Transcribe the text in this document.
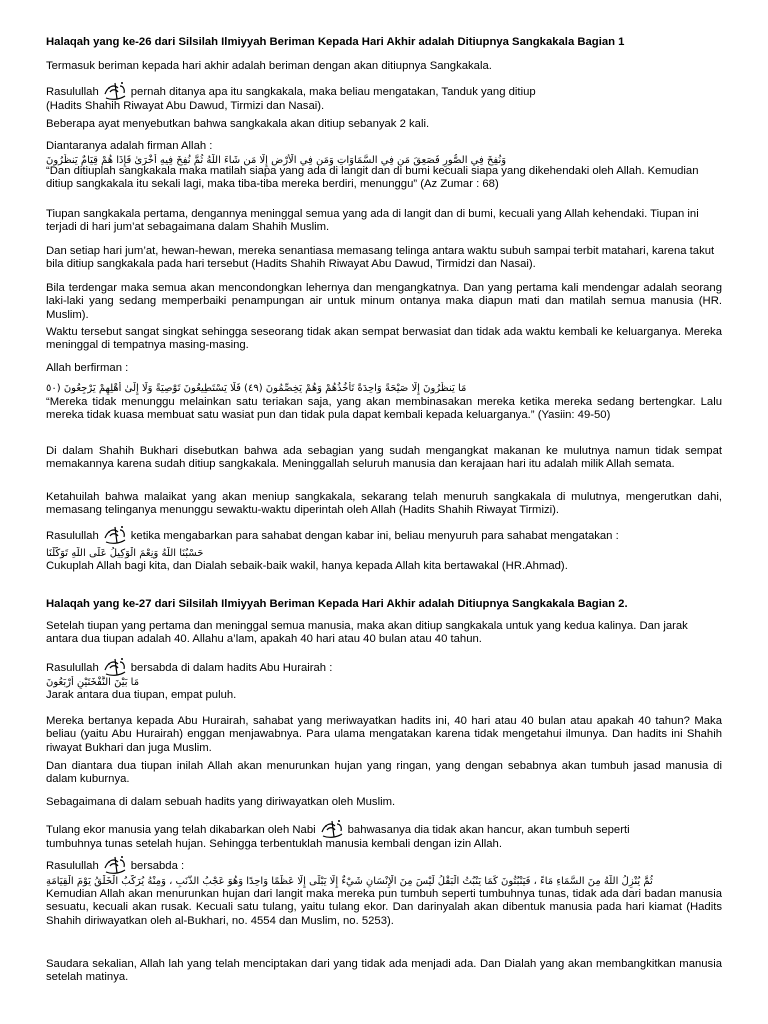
Halaqah yang ke-26 dari Silsilah Ilmiyyah Beriman Kepada Hari Akhir adalah Ditiupnya Sangkakala Bagian 1

Termasuk beriman kepada hari akhir adalah beriman dengan akan ditiupnya Sangkakala.

Rasulullah	pernah ditanya apa itu sangkakala, maka beliau mengatakan, Tanduk yang ditiup
(Hadits Shahih Riwayat Abu Dawud, Tirmizi dan Nasai).

Beberapa ayat menyebutkan bahwa sangkakala akan ditiup sebanyak 2 kali.

Diantaranya adalah firman Allah :

وَنُفِخَ فِي الصُّورِ فَصَعِقَ مَن فِي السَّمَاوَاتِ وَمَن فِي الْأَرْضِ إِلَّا مَن شَاءَ اللَّهُ ثُمَّ نُفِخَ فِيهِ أُخْرَىٰ فَإِذَا هُمْ قِيَامٌ يَنظُرُونَ

“Dan ditiuplah sangkakala maka matilah siapa yang ada di langit dan di bumi kecuali siapa yang dikehendaki oleh Allah. Kemudian ditiup sangkakala itu sekali lagi, maka tiba-tiba mereka berdiri, menunggu” (Az Zumar : 68)

Tiupan sangkakala pertama, dengannya meninggal semua yang ada di langit dan di bumi, kecuali yang Allah kehendaki. Tiupan ini terjadi di hari jum’at sebagaimana dalam Shahih Muslim.

Dan setiap hari jum’at, hewan-hewan, mereka senantiasa memasang telinga antara waktu subuh sampai terbit matahari, karena takut bila ditiup sangkakala pada hari tersebut (Hadits Shahih Riwayat Abu Dawud, Tirmidzi dan Nasai).

Bila terdengar maka semua akan mencondongkan lehernya dan mengangkatnya. Dan yang pertama kali mendengar adalah seorang laki-laki yang sedang memperbaiki penampungan air untuk minum ontanya maka diapun mati dan matilah semua manusia (HR. Muslim).

Waktu tersebut sangat singkat sehingga seseorang tidak akan sempat berwasiat dan tidak ada waktu kembali ke keluarganya. Mereka meninggal di tempatnya masing-masing.

Allah berfirman :

مَا يَنظُرُونَ إِلَّا صَيْحَةً وَاحِدَةً تَأْخُذُهُمْ وَهُمْ يَخِصِّمُونَ (٤٩) فَلَا يَسْتَطِيعُونَ تَوْصِيَةً وَلَا إِلَىٰ أَهْلِهِمْ يَرْجِعُونَ (٥٠

“Mereka tidak menunggu melainkan satu teriakan saja, yang akan membinasakan mereka ketika mereka sedang bertengkar. Lalu mereka tidak kuasa membuat satu wasiat pun dan tidak pula dapat kembali kepada keluarganya.” (Yasiin: 49-50)

Di dalam Shahih Bukhari disebutkan bahwa ada sebagian yang sudah mengangkat makanan ke mulutnya namun tidak sempat memakannya karena sudah ditiup sangkakala. Meninggallah seluruh manusia dan kerajaan hari itu adalah milik Allah semata.

Ketahuilah bahwa malaikat yang akan meniup sangkakala, sekarang telah menuruh sangkakala di mulutnya, mengerutkan dahi, memasang telinganya menunggu sewaktu-waktu diperintah oleh Allah (Hadits Shahih Riwayat Tirmizi).

Rasulullah	ketika mengabarkan para sahabat dengan kabar ini, beliau menyuruh para sahabat mengatakan :

حَسْبُنَا اللَّهُ وَنِعْمَ الْوَكِيلُ عَلَى اللَّهِ تَوَكَّلْنَا

Cukuplah Allah bagi kita, dan Dialah sebaik-baik wakil, hanya kepada Allah kita bertawakal (HR.Ahmad).

Halaqah yang ke-27 dari Silsilah Ilmiyyah Beriman Kepada Hari Akhir adalah Ditiupnya Sangkakala Bagian 2.

Setelah tiupan yang pertama dan meninggal semua manusia, maka akan ditiup sangkakala untuk yang kedua kalinya. Dan jarak antara dua tiupan adalah 40. Allahu a’lam, apakah 40 hari atau 40 bulan atau 40 tahun.

Rasulullah	bersabda di dalam hadits Abu Hurairah :

مَا بَيْنَ النَّفْخَتَيْنِ أَرْبَعُونَ

Jarak antara dua tiupan, empat puluh.

Mereka bertanya kepada Abu Hurairah, sahabat yang meriwayatkan hadits ini, 40 hari atau 40 bulan atau apakah 40 tahun? Maka beliau (yaitu Abu Hurairah) enggan menjawabnya. Para ulama mengatakan karena tidak mengetahui ilmunya. Dan hadits ini Shahih riwayat Bukhari dan juga Muslim.

Dan diantara dua tiupan inilah Allah akan menurunkan hujan yang ringan, yang dengan sebabnya akan tumbuh jasad manusia di dalam kuburnya.

Sebagaimana di dalam sebuah hadits yang diriwayatkan oleh Muslim.

Tulang ekor manusia yang telah dikabarkan oleh Nabi	bahwasanya dia tidak akan hancur, akan tumbuh seperti
tumbuhnya tunas setelah hujan. Sehingga terbentuklah manusia kembali dengan izin Allah.

Rasulullah	bersabda :

ثُمَّ يُنْزِلُ اللَّهُ مِنَ السَّمَاءِ مَاءً ، فَيَنْبُتُونَ كَمَا يَنْبُتُ الْبَقْلُ لَيْسَ مِنَ الْإِنْسَانِ شَيْءٌ إِلَّا يَبْلَى إِلَّا عَظْمًا وَاحِدًا وَهُوَ عَجْبُ الذَّنَبِ ، وَمِنْهُ يُرَكَّبُ الْخَلْقُ يَوْمَ الْقِيَامَةِ

Kemudian Allah akan menurunkan hujan dari langit maka mereka pun tumbuh seperti tumbuhnya tunas, tidak ada dari badan manusia sesuatu, kecuali akan rusak. Kecuali satu tulang, yaitu tulang ekor. Dan darinyalah akan dibentuk manusia pada hari kiamat (Hadits Shahih diriwayatkan oleh al-Bukhari, no. 4554 dan Muslim, no. 5253).

Saudara sekalian, Allah lah yang telah menciptakan dari yang tidak ada menjadi ada. Dan Dialah yang akan membangkitkan manusia setelah matinya.
